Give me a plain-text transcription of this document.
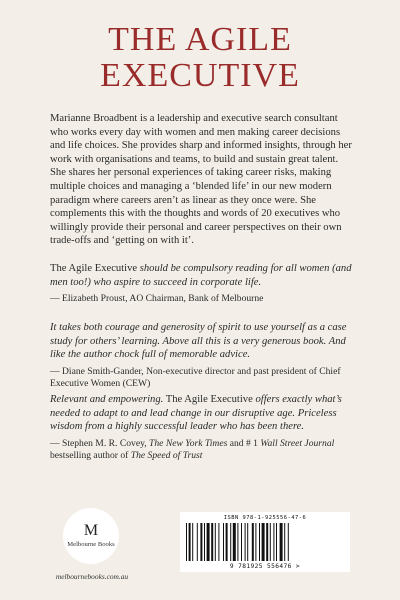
THE AGILE
EXECUTIVE

Marianne Broadbent is a leadership and executive search consultant who works every day with women and men making career decisions and life choices. She provides sharp and informed insights, through her work with organisations and teams, to build and sustain great talent. She shares her personal experiences of taking career risks, making multiple choices and managing a ‘blended life’ in our new modern paradigm where careers aren’t as linear as they once were. She complements this with the thoughts and words of 20 executives who willingly provide their personal and career perspectives on their own trade-offs and ‘getting on with it’.

The Agile Executive should be compulsory reading for all women (and men too!) who aspire to succeed in corporate life.

— Elizabeth Proust, AO Chairman, Bank of Melbourne

It takes both courage and generosity of spirit to use yourself as a case study for others’ learning. Above all this is a very generous book. And like the author chock full of memorable advice.

— Diane Smith-Gander, Non-executive director and past president of Chief Executive Women (CEW)

Relevant and empowering. The Agile Executive offers exactly what’s needed to adapt to and lead change in our disruptive age. Priceless wisdom from a highly successful leader who has been there.

— Stephen M. R. Covey, The New York Times and # 1 Wall Street Journal
bestselling author of The Speed of Trust

M
Melbourne Books
melbournebooks.com.au
ISBN 978-1-925556-47-6
9 781925 556476 >
